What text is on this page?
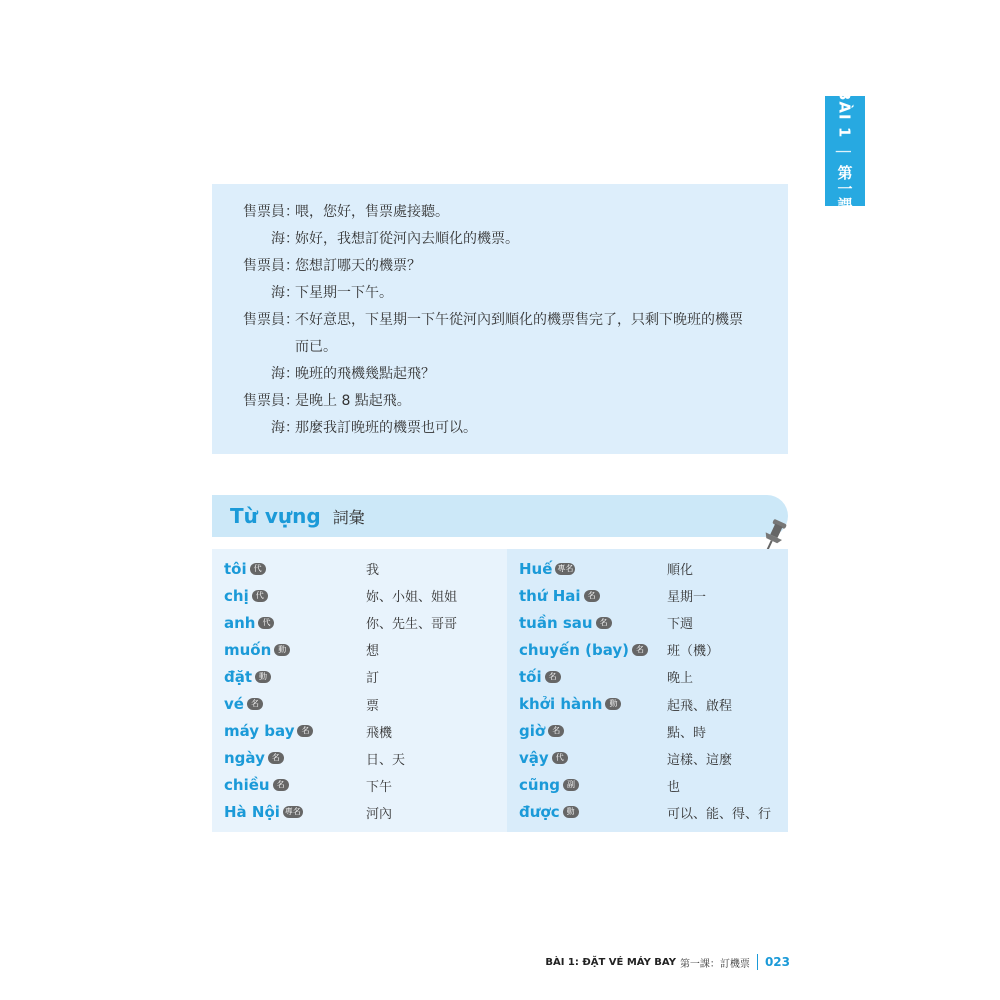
BÀI 1 | 第一課
售票員 ：
喂，您好，售票處接聽。
海 ：
妳好，我想訂從河內去順化的機票。
售票員 ：
您想訂哪天的機票？
海 ：
下星期一下午。
售票員 ：
不好意思，下星期一下午從河內到順化的機票售完了，只剩下晚班的機票
而已。
海 ：
晚班的飛機幾點起飛？
售票員 ：
是晚上 8 點起飛。
海 ：
那麼我訂晚班的機票也可以。
Từ vựng 詞彙
tôi 代	我
chị 代	妳、小姐、姐姐
anh 代	你、先生、哥哥
muốn 動	想
đặt 動	訂
vé 名	票
máy bay 名	飛機
ngày 名	日、天
chiều 名	下午
Hà Nội 專名	河內
Huế 專名	順化
thứ Hai 名	星期一
tuần sau 名	下週
chuyến (bay) 名	班（機）
tối 名	晚上
khởi hành 動	起飛、啟程
giờ 名	點、時
vậy 代	這樣、這麼
cũng 副	也
được 動	可以、能、得、行
BÀI 1: ĐẶT VÉ MÁY BAY 第一課：訂機票 023
